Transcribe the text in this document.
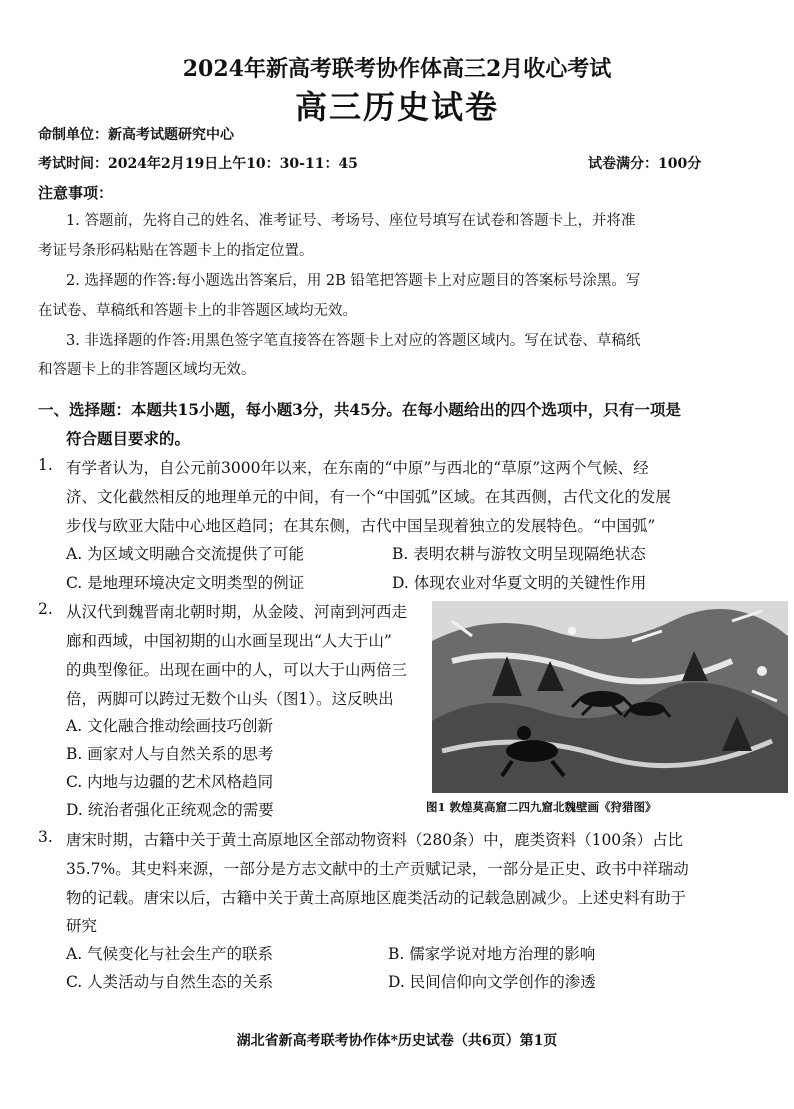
2024年新高考联考协作体高三2月收心考试
高三历史试卷
命制单位：新高考试题研究中心
考试时间：2024年2月19日上午10：30-11：45	试卷满分：100分
注意事项：
1. 答题前，先将自己的姓名、准考证号、考场号、座位号填写在试卷和答题卡上，并将准
考证号条形码粘贴在答题卡上的指定位置。
2. 选择题的作答:每小题选出答案后，用 2B 铅笔把答题卡上对应题目的答案标号涂黑。写
在试卷、草稿纸和答题卡上的非答题区域均无效。
3. 非选择题的作答:用黑色签字笔直接答在答题卡上对应的答题区域内。写在试卷、草稿纸
和答题卡上的非答题区域均无效。
一、选择题：本题共15小题，每小题3分，共45分。在每小题给出的四个选项中，只有一项是
符合题目要求的。
1. 有学者认为，自公元前3000年以来，在东南的“中原”与西北的“草原”这两个气候、经
济、文化截然相反的地理单元的中间，有一个“中国弧”区域。在其西侧，古代文化的发展
步伐与欧亚大陆中心地区趋同；在其东侧，古代中国呈现着独立的发展特色。“中国弧”
A. 为区域文明融合交流提供了可能	B. 表明农耕与游牧文明呈现隔绝状态
C. 是地理环境决定文明类型的例证	D. 体现农业对华夏文明的关键性作用
2. 从汉代到魏晋南北朝时期，从金陵、河南到河西走
廊和西域，中国初期的山水画呈现出“人大于山”
的典型像征。出现在画中的人，可以大于山两倍三
倍，两脚可以跨过无数个山头（图1）。这反映出
A. 文化融合推动绘画技巧创新
B. 画家对人与自然关系的思考
C. 内地与边疆的艺术风格趋同
D. 统治者强化正统观念的需要	图1 敦煌莫高窟二四九窟北魏壁画《狩猎图》
3. 唐宋时期，古籍中关于黄土高原地区全部动物资料（280条）中，鹿类资料（100条）占比
35.7%。其史料来源，一部分是方志文献中的土产贡赋记录，一部分是正史、政书中祥瑞动
物的记载。唐宋以后，古籍中关于黄土高原地区鹿类活动的记载急剧减少。上述史料有助于
研究
A. 气候变化与社会生产的联系	B. 儒家学说对地方治理的影响
C. 人类活动与自然生态的关系	D. 民间信仰向文学创作的渗透
湖北省新高考联考协作体*历史试卷（共6页）第1页
